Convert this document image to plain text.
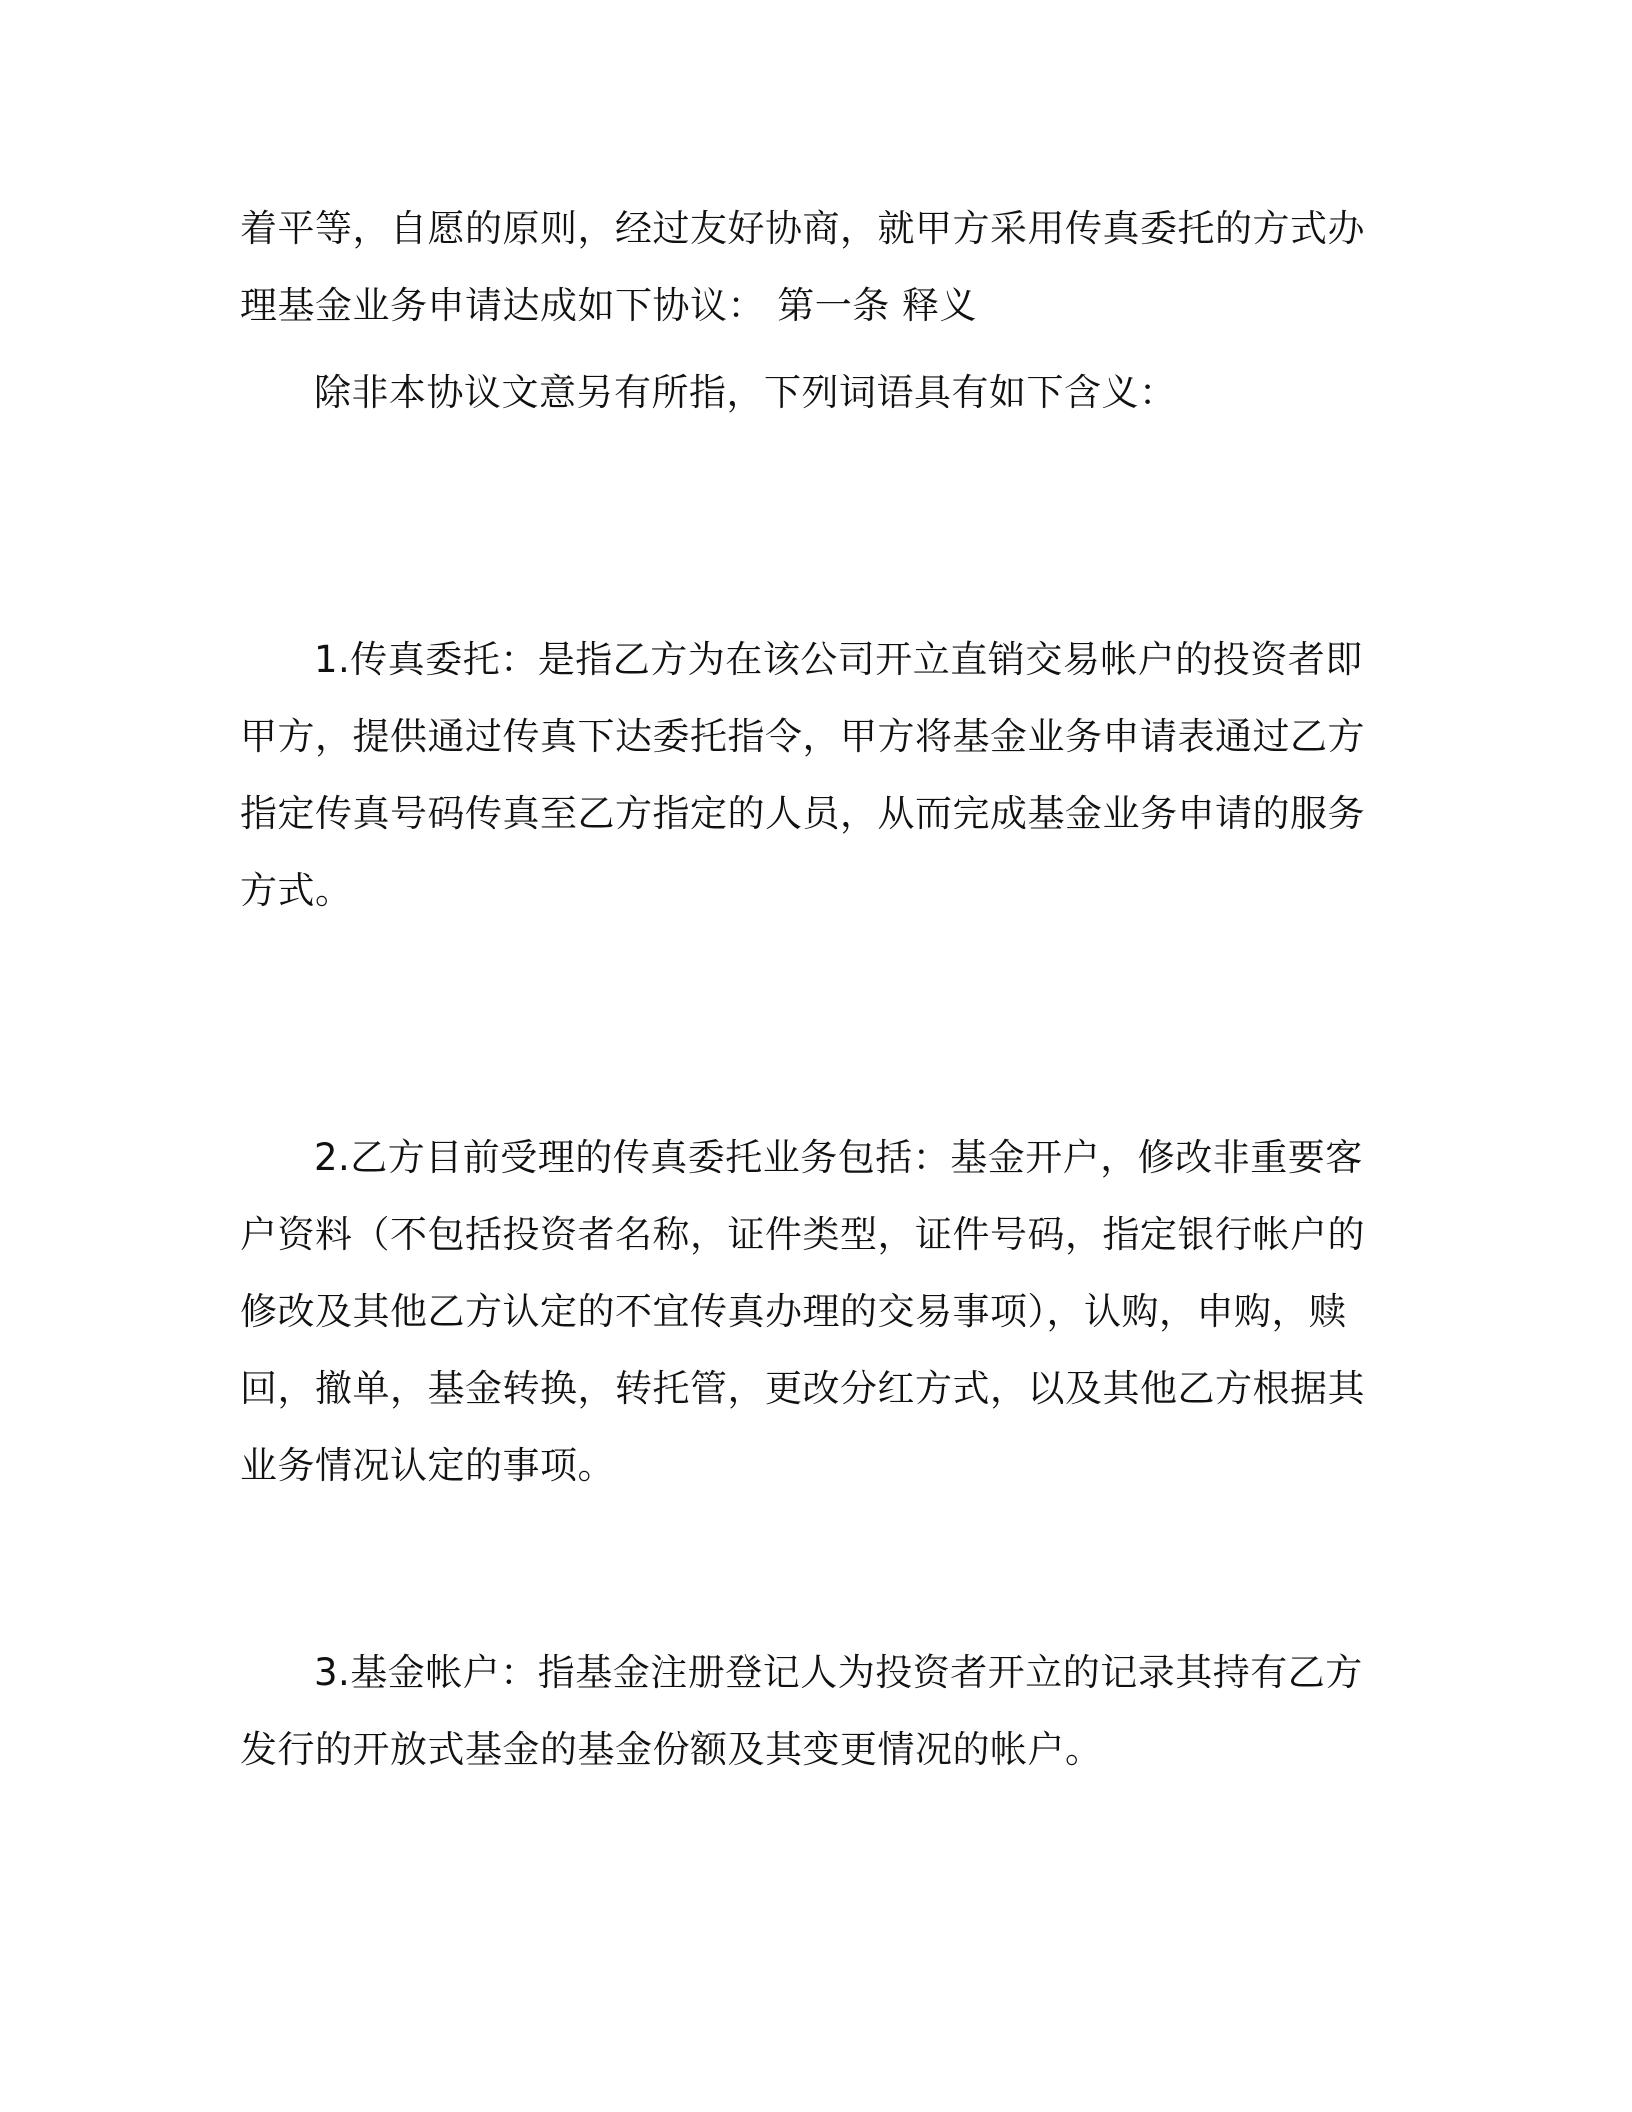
着平等，自愿的原则，经过友好协商，就甲方采用传真委托的方式办理基金业务申请达成如下协议： 第一条 释义

除非本协议文意另有所指，下列词语具有如下含义：

1.传真委托：是指乙方为在该公司开立直销交易帐户的投资者即甲方，提供通过传真下达委托指令，甲方将基金业务申请表通过乙方指定传真号码传真至乙方指定的人员，从而完成基金业务申请的服务方式。

2.乙方目前受理的传真委托业务包括：基金开户，修改非重要客户资料（不包括投资者名称，证件类型，证件号码，指定银行帐户的修改及其他乙方认定的不宜传真办理的交易事项），认购，申购，赎回，撤单，基金转换，转托管，更改分红方式，以及其他乙方根据其业务情况认定的事项。

3.基金帐户：指基金注册登记人为投资者开立的记录其持有乙方发行的开放式基金的基金份额及其变更情况的帐户。
